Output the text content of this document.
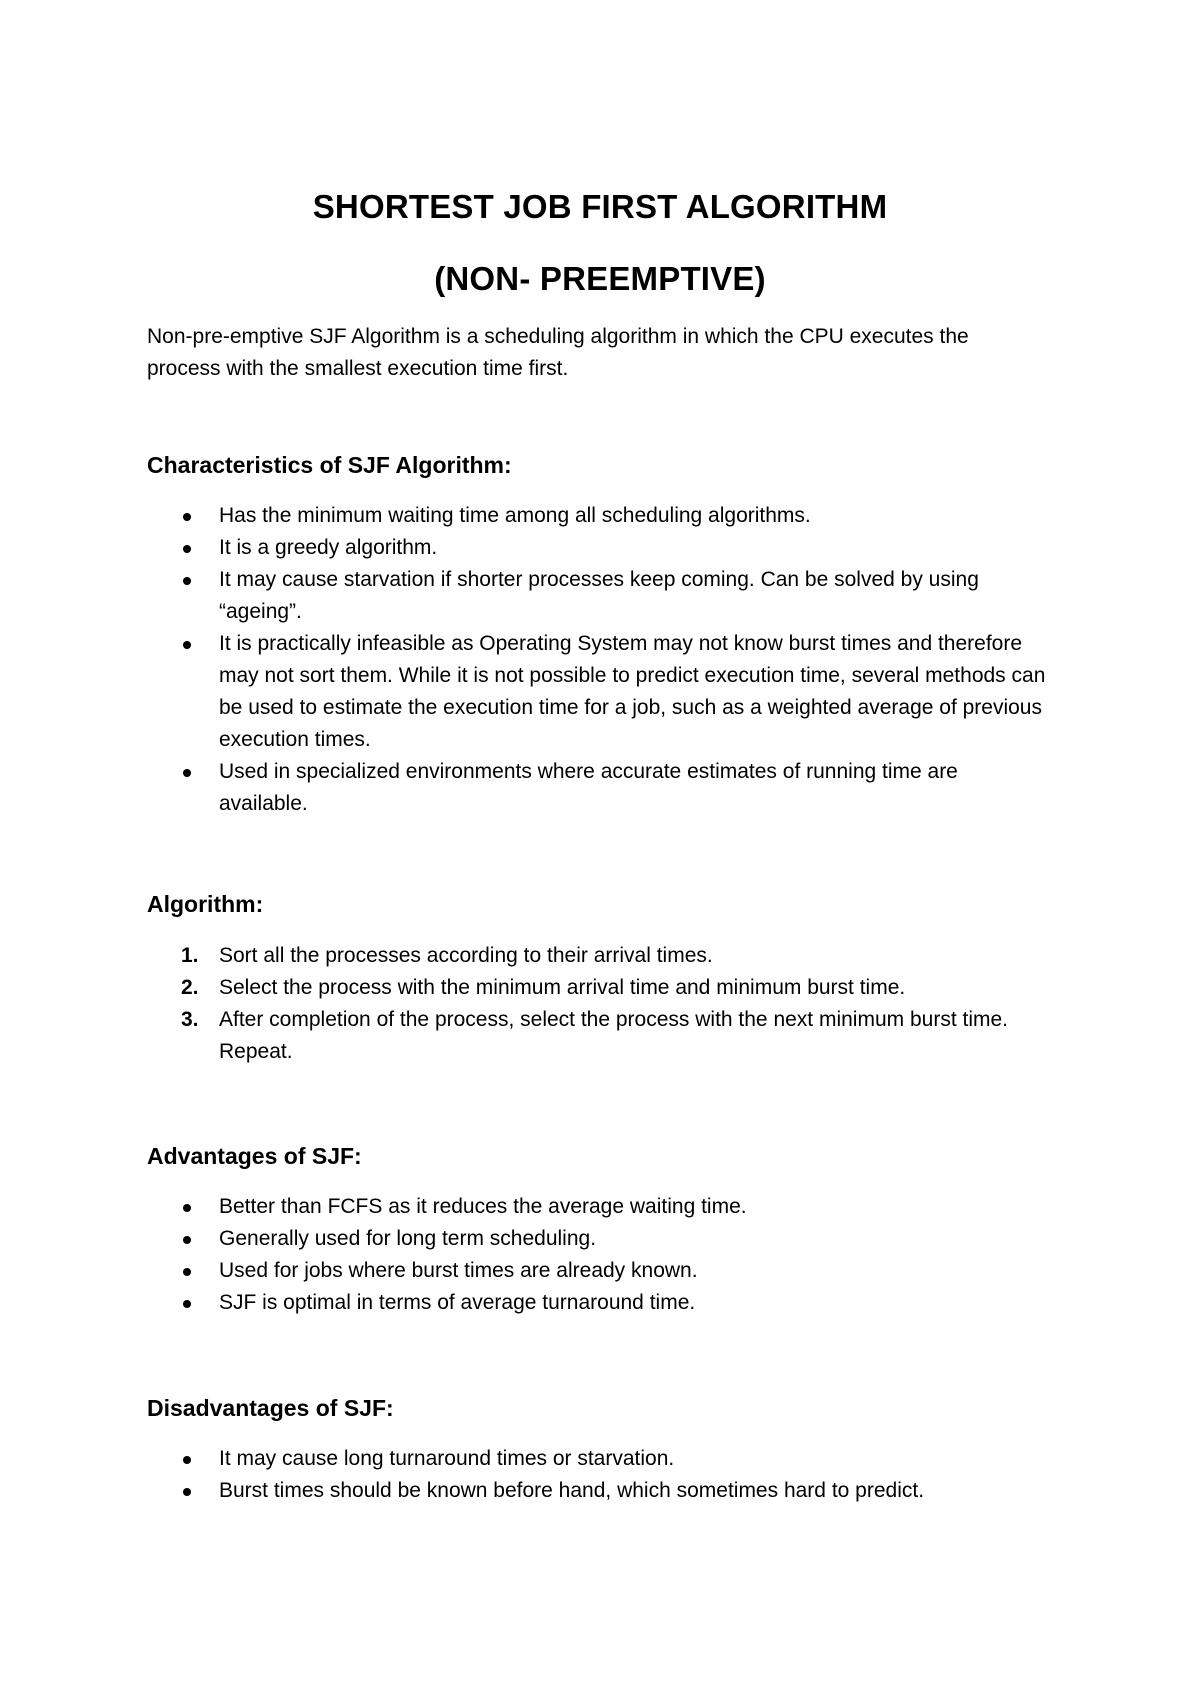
SHORTEST JOB FIRST ALGORITHM
(NON- PREEMPTIVE)

Non-pre-emptive SJF Algorithm is a scheduling algorithm in which the CPU executes the process with the smallest execution time first.

Characteristics of SJF Algorithm:
Has the minimum waiting time among all scheduling algorithms.
It is a greedy algorithm.
It may cause starvation if shorter processes keep coming. Can be solved by using “ageing”.
It is practically infeasible as Operating System may not know burst times and therefore may not sort them. While it is not possible to predict execution time, several methods can be used to estimate the execution time for a job, such as a weighted average of previous execution times.
Used in specialized environments where accurate estimates of running time are available.
Algorithm:
1. Sort all the processes according to their arrival times.
2. Select the process with the minimum arrival time and minimum burst time.
3. After completion of the process, select the process with the next minimum burst time. Repeat.
Advantages of SJF:
Better than FCFS as it reduces the average waiting time.
Generally used for long term scheduling.
Used for jobs where burst times are already known.
SJF is optimal in terms of average turnaround time.
Disadvantages of SJF:
It may cause long turnaround times or starvation.
Burst times should be known before hand, which sometimes hard to predict.
